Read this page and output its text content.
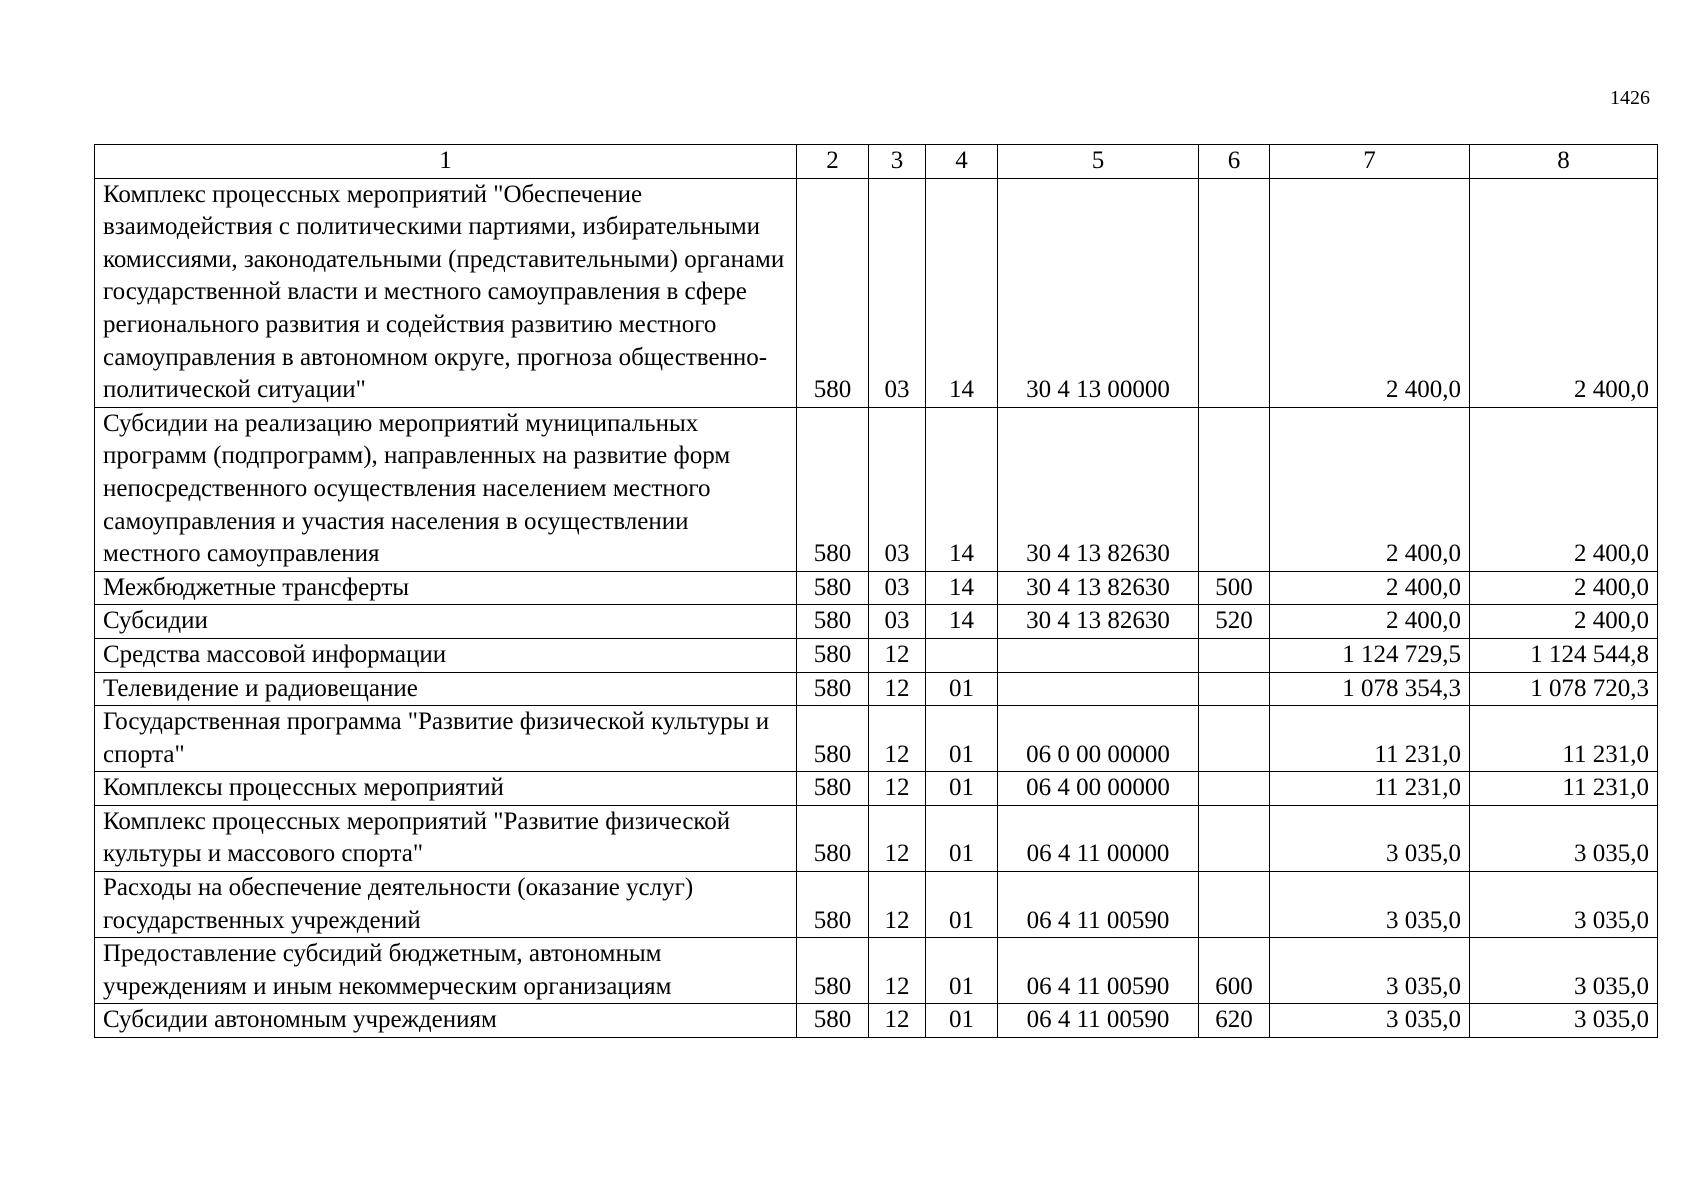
1426
1	2	3	4	5	6	7	8
Комплекс процессных мероприятий "Обеспечение взаимодействия с политическими партиями, избирательными комиссиями, законодательными (представительными) органами государственной власти и местного самоуправления в сфере регионального развития и содействия развитию местного самоуправления в автономном округе, прогноза общественно-политической ситуации"	580	03	14	30 4 13 00000		2 400,0	2 400,0
Субсидии на реализацию мероприятий муниципальных программ (подпрограмм), направленных на развитие форм непосредственного осуществления населением местного самоуправления и участия населения в осуществлении местного самоуправления	580	03	14	30 4 13 82630		2 400,0	2 400,0
Межбюджетные трансферты	580	03	14	30 4 13 82630	500	2 400,0	2 400,0
Субсидии	580	03	14	30 4 13 82630	520	2 400,0	2 400,0
Средства массовой информации	580	12				1 124 729,5	1 124 544,8
Телевидение и радиовещание	580	12	01			1 078 354,3	1 078 720,3
Государственная программа "Развитие физической культуры и спорта"	580	12	01	06 0 00 00000		11 231,0	11 231,0
Комплексы процессных мероприятий	580	12	01	06 4 00 00000		11 231,0	11 231,0
Комплекс процессных мероприятий "Развитие физической культуры и массового спорта"	580	12	01	06 4 11 00000		3 035,0	3 035,0
Расходы на обеспечение деятельности (оказание услуг) государственных учреждений	580	12	01	06 4 11 00590		3 035,0	3 035,0
Предоставление субсидий бюджетным, автономным учреждениям и иным некоммерческим организациям	580	12	01	06 4 11 00590	600	3 035,0	3 035,0
Субсидии автономным учреждениям	580	12	01	06 4 11 00590	620	3 035,0	3 035,0
